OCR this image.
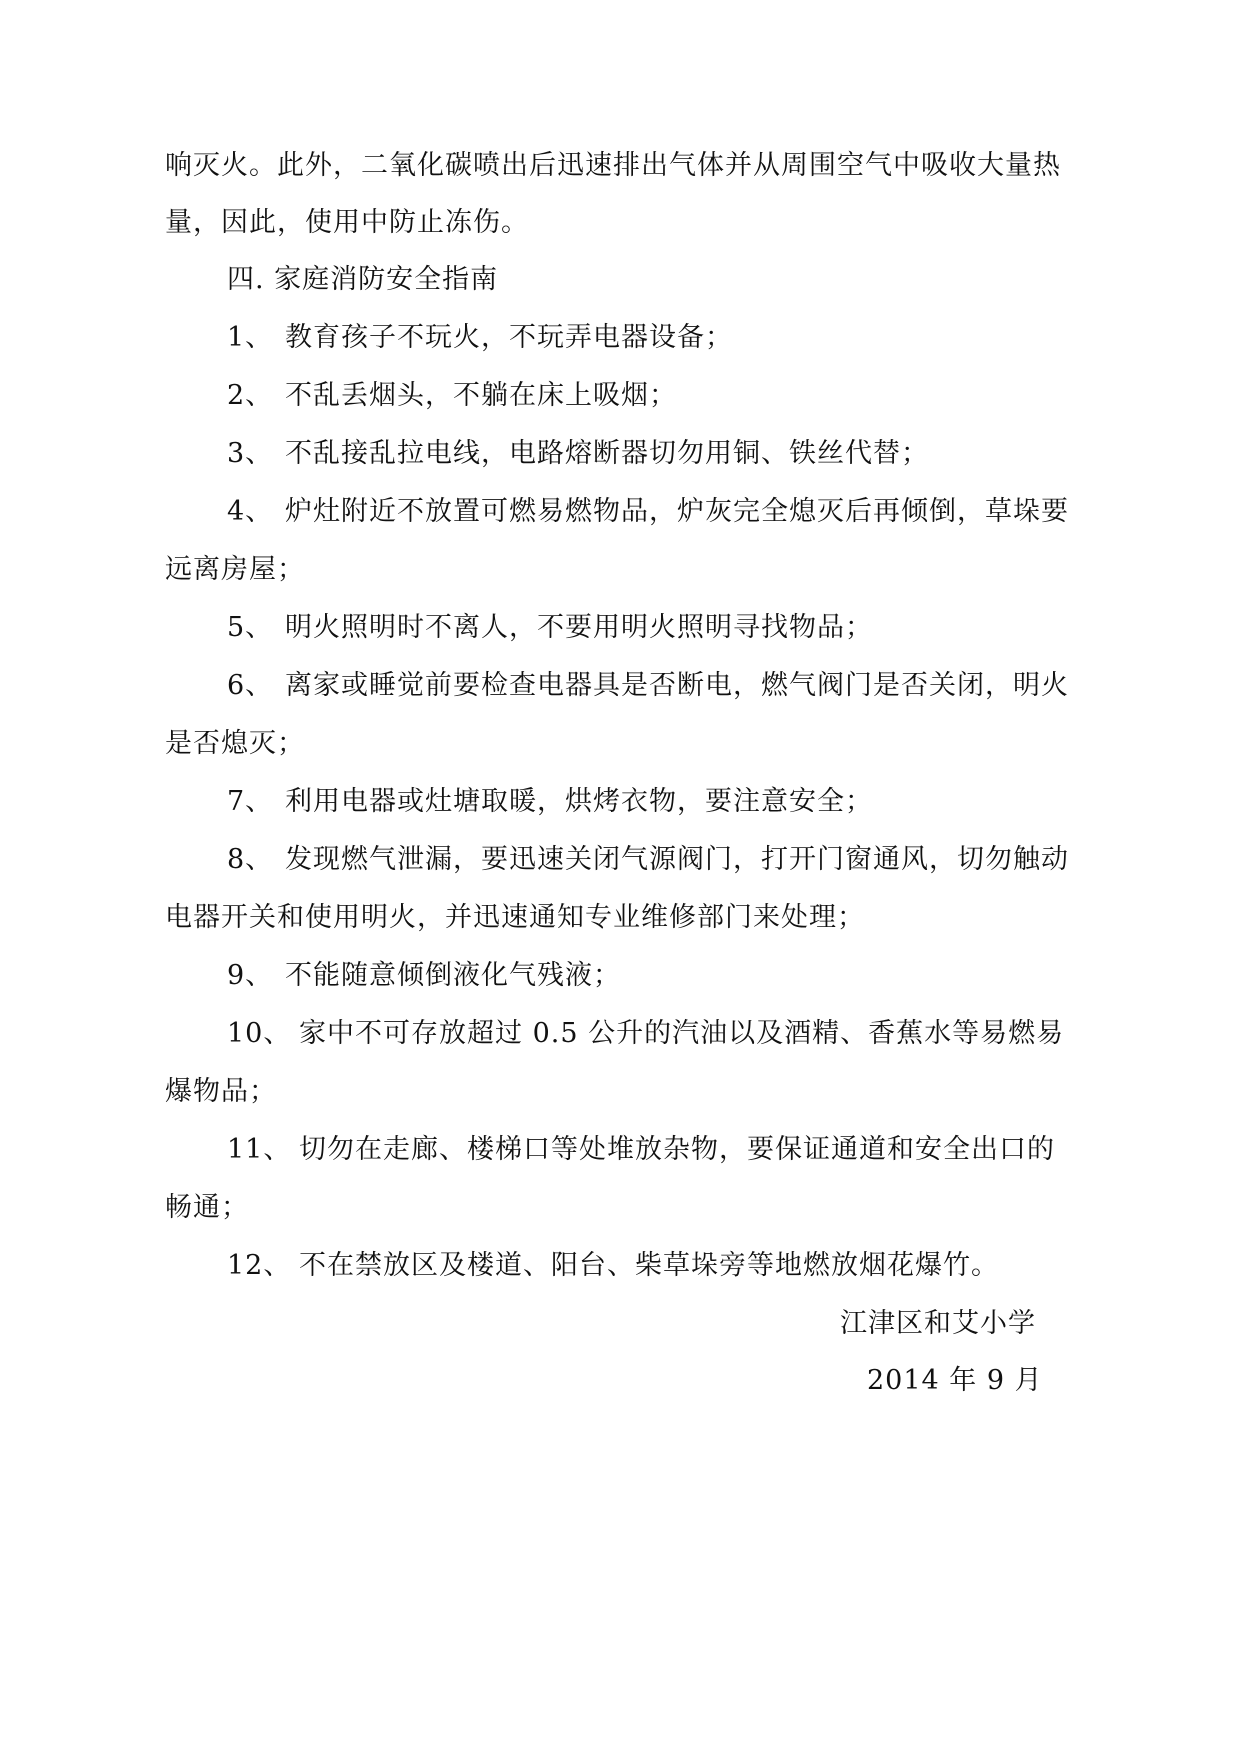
响灭火。此外，二氧化碳喷出后迅速排出气体并从周围空气中吸收大量热
量，因此，使用中防止冻伤。
四. 家庭消防安全指南
1、 教育孩子不玩火，不玩弄电器设备；
2、 不乱丢烟头，不躺在床上吸烟；
3、 不乱接乱拉电线，电路熔断器切勿用铜、铁丝代替；
4、 炉灶附近不放置可燃易燃物品，炉灰完全熄灭后再倾倒，草垛要
远离房屋；
5、 明火照明时不离人，不要用明火照明寻找物品；
6、 离家或睡觉前要检查电器具是否断电，燃气阀门是否关闭，明火
是否熄灭；
7、 利用电器或灶塘取暖，烘烤衣物，要注意安全；
8、 发现燃气泄漏，要迅速关闭气源阀门，打开门窗通风，切勿触动
电器开关和使用明火，并迅速通知专业维修部门来处理；
9、 不能随意倾倒液化气残液；
10、 家中不可存放超过 0.5 公升的汽油以及酒精、香蕉水等易燃易
爆物品；
11、 切勿在走廊、楼梯口等处堆放杂物，要保证通道和安全出口的
畅通；
12、 不在禁放区及楼道、阳台、柴草垛旁等地燃放烟花爆竹。
江津区和艾小学
2014 年 9 月
